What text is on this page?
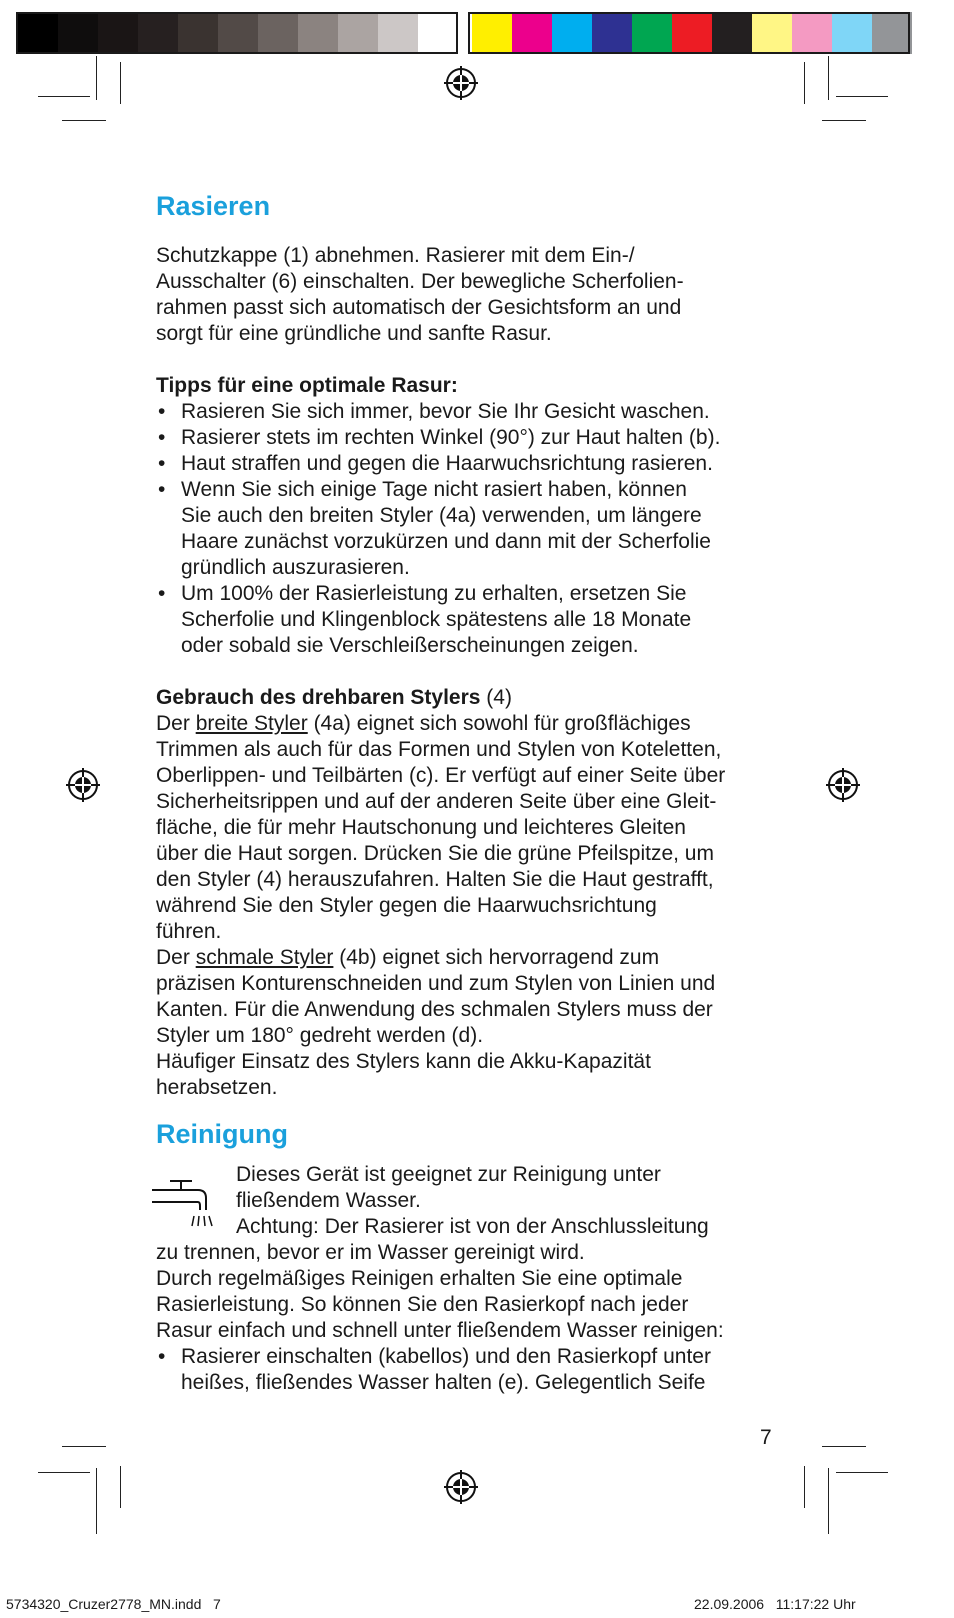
Rasieren
Schutzkappe (1) abnehmen. Rasierer mit dem Ein-/
Ausschalter (6) einschalten. Der bewegliche Scherfolien-
rahmen passt sich automatisch der Gesichtsform an und
sorgt für eine gründliche und sanfte Rasur.
Tipps für eine optimale Rasur:
• Rasieren Sie sich immer, bevor Sie Ihr Gesicht waschen.
• Rasierer stets im rechten Winkel (90°) zur Haut halten (b).
• Haut straffen und gegen die Haarwuchsrichtung rasieren.
• Wenn Sie sich einige Tage nicht rasiert haben, können
Sie auch den breiten Styler (4a) verwenden, um längere
Haare zunächst vorzukürzen und dann mit der Scherfolie
gründlich auszurasieren.
• Um 100% der Rasierleistung zu erhalten, ersetzen Sie
Scherfolie und Klingenblock spätestens alle 18 Monate
oder sobald sie Verschleißerscheinungen zeigen.
Gebrauch des drehbaren Stylers (4)
Der breite Styler (4a) eignet sich sowohl für großflächiges
Trimmen als auch für das Formen und Stylen von Koteletten,
Oberlippen- und Teilbärten (c). Er verfügt auf einer Seite über
Sicherheitsrippen und auf der anderen Seite über eine Gleit-
fläche, die für mehr Hautschonung und leichteres Gleiten
über die Haut sorgen. Drücken Sie die grüne Pfeilspitze, um
den Styler (4) herauszufahren. Halten Sie die Haut gestrafft,
während Sie den Styler gegen die Haarwuchsrichtung
führen.
Der schmale Styler (4b) eignet sich hervorragend zum
präzisen Konturenschneiden und zum Stylen von Linien und
Kanten. Für die Anwendung des schmalen Stylers muss der
Styler um 180° gedreht werden (d).
Häufiger Einsatz des Stylers kann die Akku-Kapazität
herabsetzen.
Reinigung
Dieses Gerät ist geeignet zur Reinigung unter
fließendem Wasser.
Achtung: Der Rasierer ist von der Anschlussleitung
zu trennen, bevor er im Wasser gereinigt wird.
Durch regelmäßiges Reinigen erhalten Sie eine optimale
Rasierleistung. So können Sie den Rasierkopf nach jeder
Rasur einfach und schnell unter fließendem Wasser reinigen:
• Rasierer einschalten (kabellos) und den Rasierkopf unter
heißes, fließendes Wasser halten (e). Gelegentlich Seife
7
5734320_Cruzer2778_MN.indd   7	22.09.2006   11:17:22 Uhr
